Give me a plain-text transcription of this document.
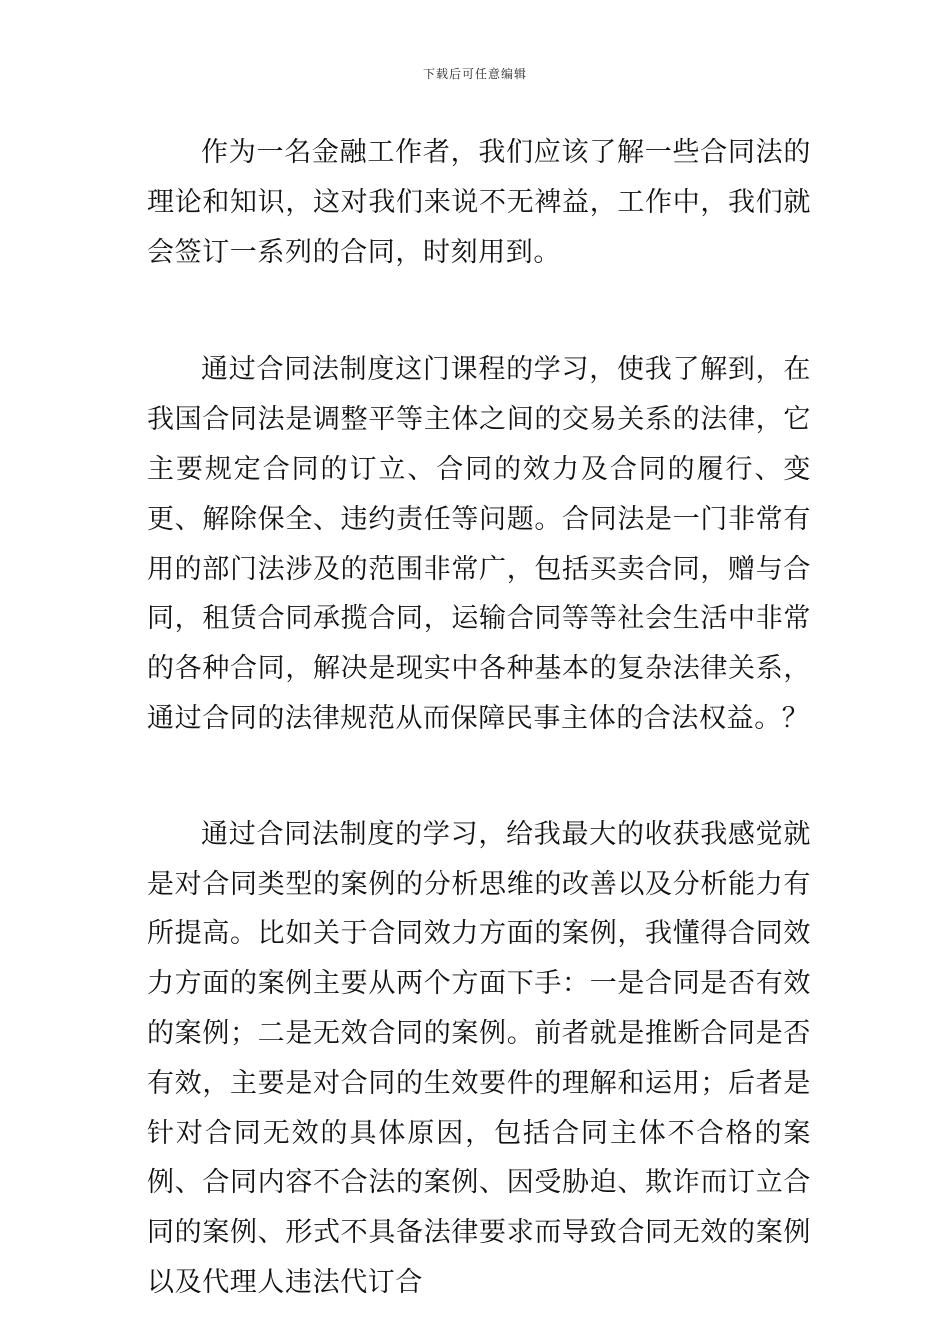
下载后可任意编辑

作为一名金融工作者，我们应该了解一些合同法的理论和知识，这对我们来说不无裨益，工作中，我们就会签订一系列的合同，时刻用到。

通过合同法制度这门课程的学习，使我了解到，在我国合同法是调整平等主体之间的交易关系的法律，它主要规定合同的订立、合同的效力及合同的履行、变更、解除保全、违约责任等问题。合同法是一门非常有用的部门法涉及的范围非常广，包括买卖合同，赠与合同，租赁合同承揽合同，运输合同等等社会生活中非常的各种合同，解决是现实中各种基本的复杂法律关系，通过合同的法律规范从而保障民事主体的合法权益。？

通过合同法制度的学习，给我最大的收获我感觉就是对合同类型的案例的分析思维的改善以及分析能力有所提高。比如关于合同效力方面的案例，我懂得合同效力方面的案例主要从两个方面下手：一是合同是否有效的案例；二是无效合同的案例。前者就是推断合同是否有效，主要是对合同的生效要件的理解和运用；后者是针对合同无效的具体原因，包括合同主体不合格的案例、合同内容不合法的案例、因受胁迫、欺诈而订立合同的案例、形式不具备法律要求而导致合同无效的案例以及代理人违法代订合
